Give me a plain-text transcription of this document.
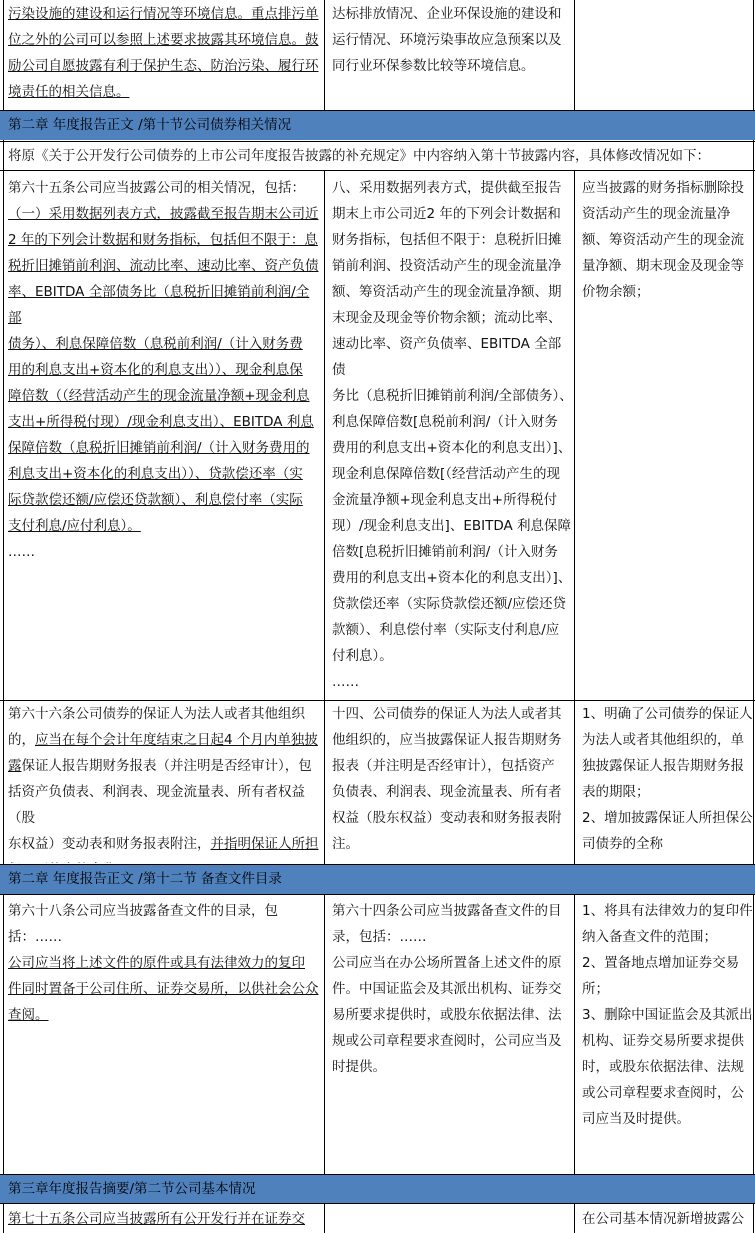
污染设施的建设和运行情况等环境信息。重点排污单位之外的公司可以参照上述要求披露其环境信息。鼓励公司自愿披露有利于保护生态、防治污染、履行环境责任的相关信息。

达标排放情况、企业环保设施的建设和运行情况、环境污染事故应急预案以及同行业环保参数比较等环境信息。

第二章 年度报告正文 /第十节公司债券相关情况
将原《关于公开发行公司债券的上市公司年度报告披露的补充规定》中内容纳入第十节披露内容，具体修改情况如下：

第六十五条公司应当披露公司的相关情况，包括：

（一）采用数据列表方式，披露截至报告期末公司近

2 年的下列会计数据和财务指标，包括但不限于：息

税折旧摊销前利润、流动比率、速动比率、资产负债

率、EBITDA 全部债务比（息税折旧摊销前利润/全部

债务）、利息保障倍数（息税前利润/（计入财务费

用的利息支出+资本化的利息支出））、现金利息保

障倍数（（经营活动产生的现金流量净额+现金利息

支出+所得税付现）/现金利息支出）、EBITDA 利息

保障倍数（息税折旧摊销前利润/（计入财务费用的

利息支出+资本化的利息支出））、贷款偿还率（实

际贷款偿还额/应偿还贷款额）、利息偿付率（实际

支付利息/应付利息）。

……

八、采用数据列表方式，提供截至报告

期末上市公司近2 年的下列会计数据和

财务指标，包括但不限于：息税折旧摊

销前利润、投资活动产生的现金流量净

额、筹资活动产生的现金流量净额、期

末现金及现金等价物余额；流动比率、

速动比率、资产负债率、EBITDA 全部债

务比（息税折旧摊销前利润/全部债务）、

利息保障倍数[息税前利润/（计入财务

费用的利息支出+资本化的利息支出）]、

现金利息保障倍数[（经营活动产生的现

金流量净额+现金利息支出+所得税付

现）/现金利息支出]、EBITDA 利息保障

倍数[息税折旧摊销前利润/（计入财务

费用的利息支出+资本化的利息支出）]、

贷款偿还率（实际贷款偿还额/应偿还贷

款额）、利息偿付率（实际支付利息/应

付利息）。

……

应当披露的财务指标删除投

资活动产生的现金流量净

额、筹资活动产生的现金流

量净额、期末现金及现金等

价物余额；

第六十六条公司债券的保证人为法人或者其他组织

的，应当在每个会计年度结束之日起4 个月内单独披

露保证人报告期财务报表（并注明是否经审计），包

括资产负债表、利润表、现金流量表、所有者权益（股

东权益）变动表和财务报表附注，并指明保证人所担

十四、公司债券的保证人为法人或者其

他组织的，应当披露保证人报告期财务

报表（并注明是否经审计），包括资产

负债表、利润表、现金流量表、所有者

权益（股东权益）变动表和财务报表附

注。

1、明确了公司债券的保证人

为法人或者其他组织的，单

独披露保证人报告期财务报

表的期限；

2、增加披露保证人所担保公

司债券的全称

第二章 年度报告正文 /第十二节 备查文件目录

第六十八条公司应当披露备查文件的目录，包

括：……

公司应当将上述文件的原件或具有法律效力的复印

件同时置备于公司住所、证券交易所，以供社会公众

查阅。

第六十四条公司应当披露备查文件的目

录，包括：……

公司应当在办公场所置备上述文件的原

件。中国证监会及其派出机构、证券交

易所要求提供时，或股东依据法律、法

规或公司章程要求查阅时，公司应当及

时提供。

1、将具有法律效力的复印件

纳入备查文件的范围；

2、置备地点增加证券交易

所；

3、删除中国证监会及其派出

机构、证券交易所要求提供

时，或股东依据法律、法规

或公司章程要求查阅时，公

司应当及时提供。

第三章年度报告摘要/第二节公司基本情况

第七十五条公司应当披露所有公开发行并在证券交	在公司基本情况新增披露公
